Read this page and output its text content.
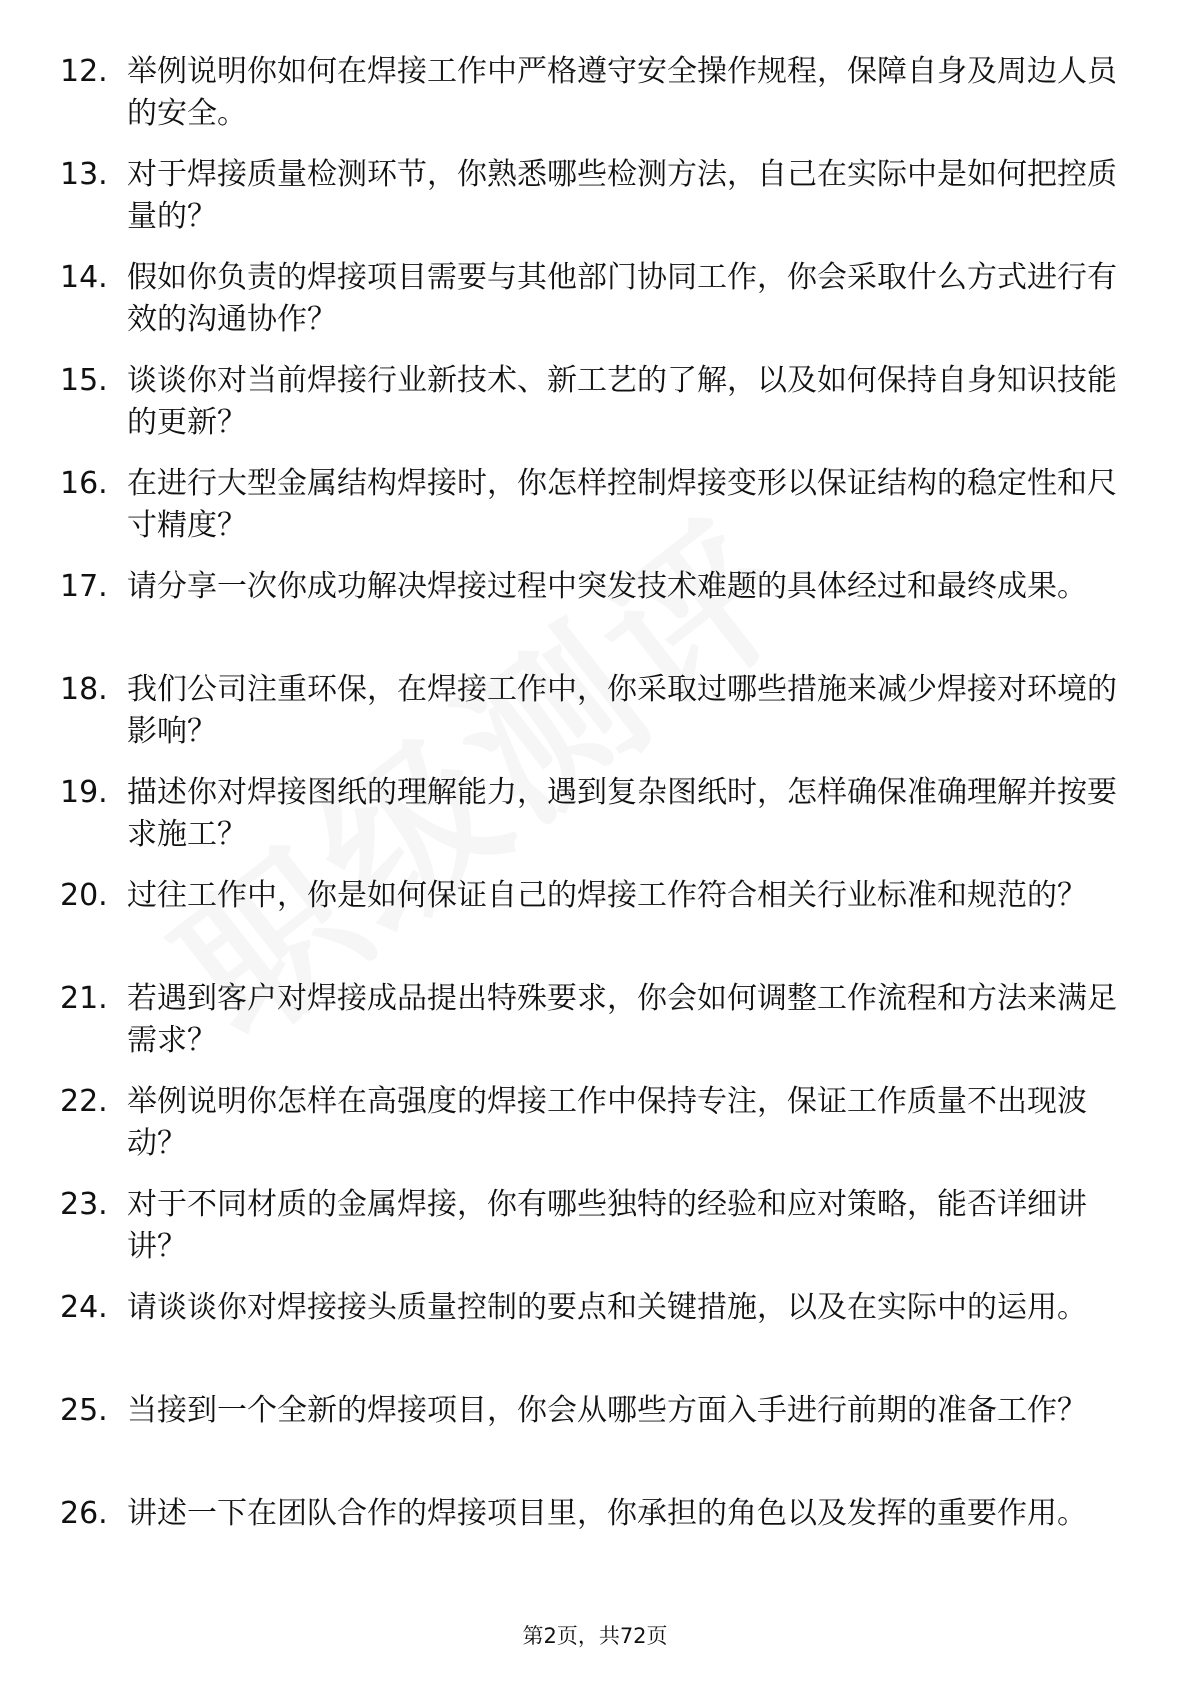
12. 举例说明你如何在焊接工作中严格遵守安全操作规程，保障自身及周边人员的安全。
13. 对于焊接质量检测环节，你熟悉哪些检测方法，自己在实际中是如何把控质量的？
14. 假如你负责的焊接项目需要与其他部门协同工作，你会采取什么方式进行有效的沟通协作？
15. 谈谈你对当前焊接行业新技术、新工艺的了解，以及如何保持自身知识技能的更新？
16. 在进行大型金属结构焊接时，你怎样控制焊接变形以保证结构的稳定性和尺寸精度？
17. 请分享一次你成功解决焊接过程中突发技术难题的具体经过和最终成果。
18. 我们公司注重环保，在焊接工作中，你采取过哪些措施来减少焊接对环境的影响？
19. 描述你对焊接图纸的理解能力，遇到复杂图纸时，怎样确保准确理解并按要求施工？
20. 过往工作中，你是如何保证自己的焊接工作符合相关行业标准和规范的？
21. 若遇到客户对焊接成品提出特殊要求，你会如何调整工作流程和方法来满足需求？
22. 举例说明你怎样在高强度的焊接工作中保持专注，保证工作质量不出现波动？
23. 对于不同材质的金属焊接，你有哪些独特的经验和应对策略，能否详细讲讲？
24. 请谈谈你对焊接接头质量控制的要点和关键措施，以及在实际中的运用。
25. 当接到一个全新的焊接项目，你会从哪些方面入手进行前期的准备工作？
26. 讲述一下在团队合作的焊接项目里，你承担的角色以及发挥的重要作用。
第2页，共72页
